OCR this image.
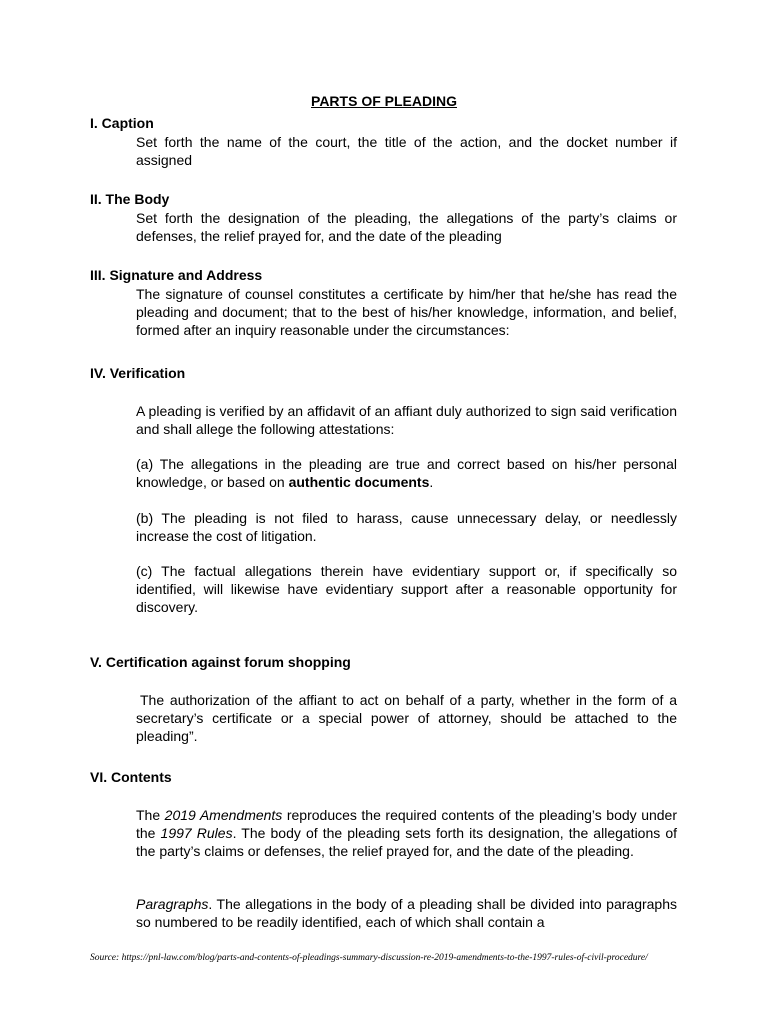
PARTS OF PLEADING
I. Caption
Set forth the name of the court, the title of the action, and the docket number if assigned
II. The Body
Set forth the designation of the pleading, the allegations of the party’s claims or defenses, the relief prayed for, and the date of the pleading
III. Signature and Address
The signature of counsel constitutes a certificate by him/her that he/she has read the pleading and document; that to the best of his/her knowledge, information, and belief, formed after an inquiry reasonable under the circumstances:
IV. Verification
A pleading is verified by an affidavit of an affiant duly authorized to sign said verification and shall allege the following attestations:
(a) The allegations in the pleading are true and correct based on his/her personal knowledge, or based on authentic documents.
(b) The pleading is not filed to harass, cause unnecessary delay, or needlessly increase the cost of litigation.
(c) The factual allegations therein have evidentiary support or, if specifically so identified, will likewise have evidentiary support after a reasonable opportunity for discovery.
V. Certification against forum shopping
The authorization of the affiant to act on behalf of a party, whether in the form of a secretary’s certificate or a special power of attorney, should be attached to the pleading”.
VI. Contents
The 2019 Amendments reproduces the required contents of the pleading’s body under the 1997 Rules. The body of the pleading sets forth its designation, the allegations of the party’s claims or defenses, the relief prayed for, and the date of the pleading.
Paragraphs. The allegations in the body of a pleading shall be divided into paragraphs so numbered to be readily identified, each of which shall contain a
Source: https://pnl-law.com/blog/parts-and-contents-of-pleadings-summary-discussion-re-2019-amendments-to-the-1997-rules-of-civil-procedure/
